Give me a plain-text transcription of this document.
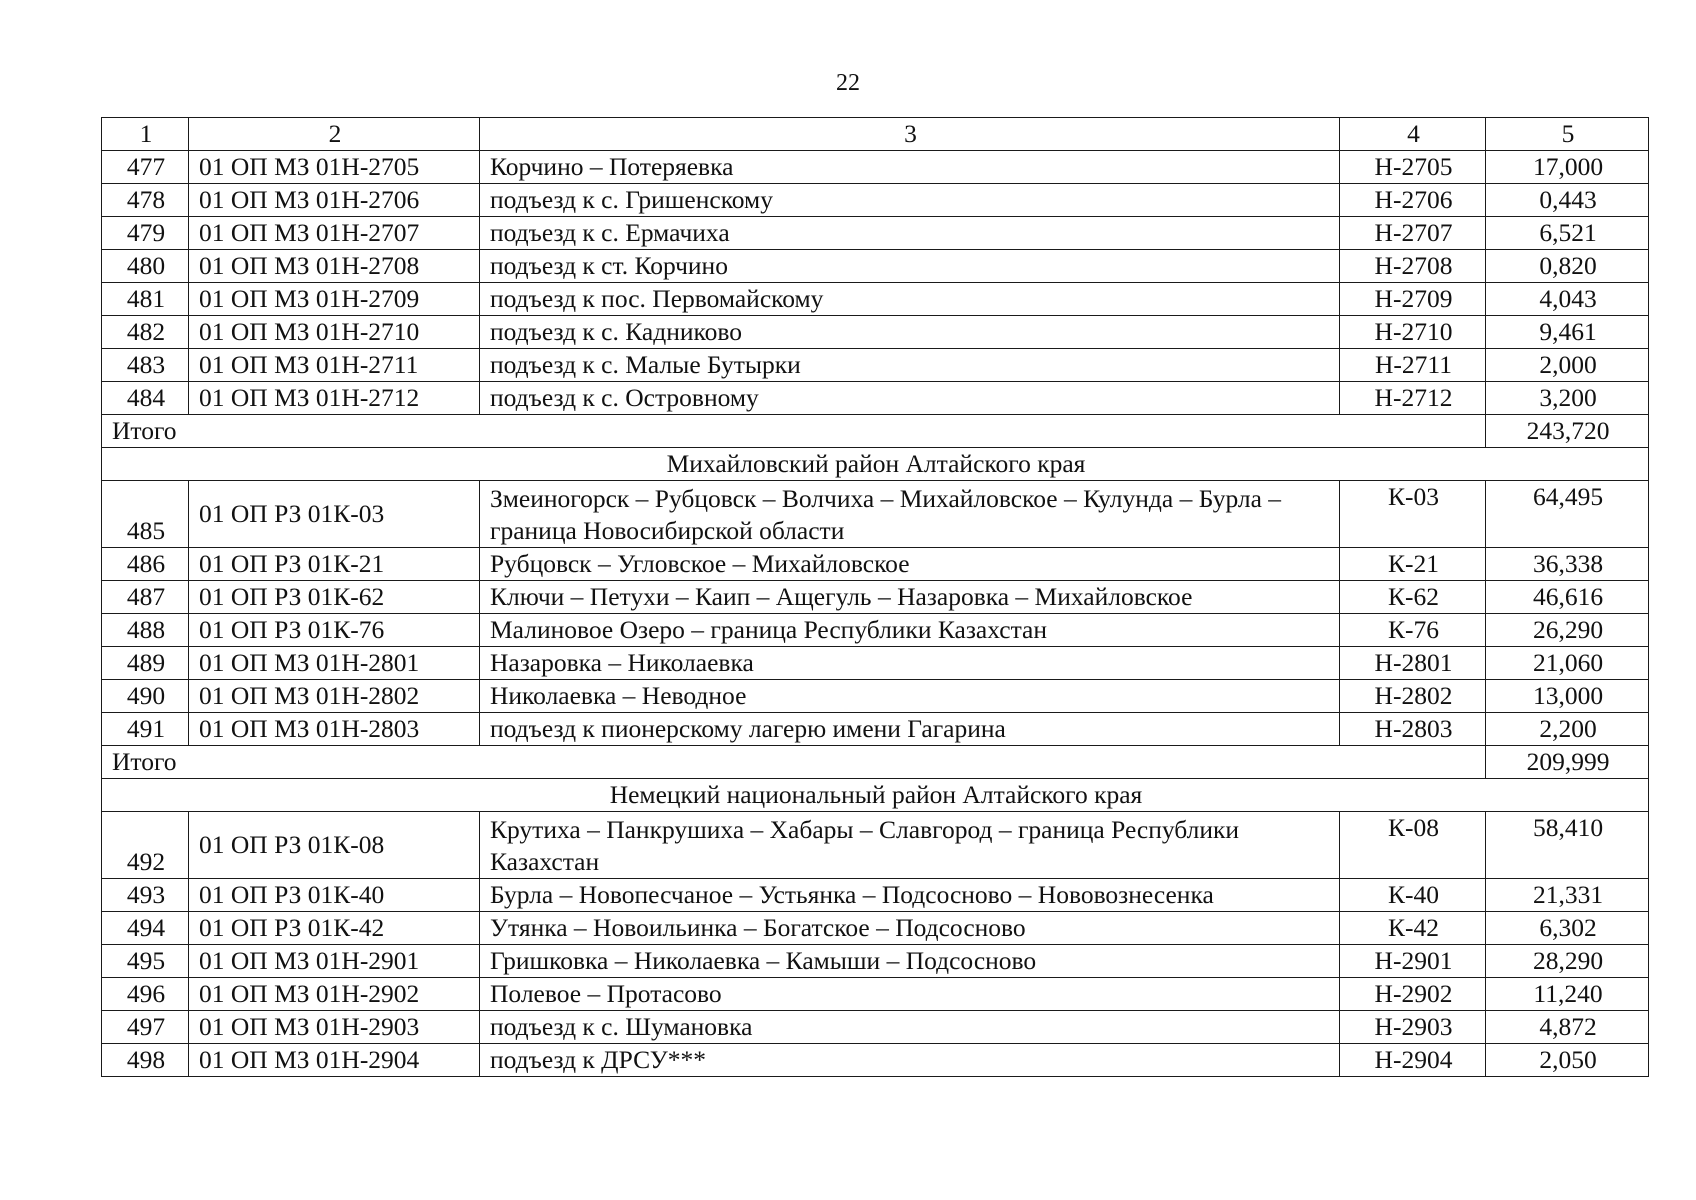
22
1	2	3	4	5
477	01 ОП МЗ 01Н-2705	Корчино – Потеряевка	Н-2705	17,000
478	01 ОП МЗ 01Н-2706	подъезд к с. Гришенскому	Н-2706	0,443
479	01 ОП МЗ 01Н-2707	подъезд к с. Ермачиха	Н-2707	6,521
480	01 ОП МЗ 01Н-2708	подъезд к ст. Корчино	Н-2708	0,820
481	01 ОП МЗ 01Н-2709	подъезд к пос. Первомайскому	Н-2709	4,043
482	01 ОП МЗ 01Н-2710	подъезд к с. Кадниково	Н-2710	9,461
483	01 ОП МЗ 01Н-2711	подъезд к с. Малые Бутырки	Н-2711	2,000
484	01 ОП МЗ 01Н-2712	подъезд к с. Островному	Н-2712	3,200
Итого				243,720
Михайловский район Алтайского края				
485	01 ОП РЗ 01К-03	Змеиногорск – Рубцовск – Волчиха – Михайловское – Кулунда – Бурла – граница Новосибирской области	К-03	64,495
486	01 ОП РЗ 01К-21	Рубцовск – Угловское – Михайловское	К-21	36,338
487	01 ОП РЗ 01К-62	Ключи – Петухи – Каип – Ащегуль – Назаровка – Михайловское	К-62	46,616
488	01 ОП РЗ 01К-76	Малиновое Озеро – граница Республики Казахстан	К-76	26,290
489	01 ОП МЗ 01Н-2801	Назаровка – Николаевка	Н-2801	21,060
490	01 ОП МЗ 01Н-2802	Николаевка – Неводное	Н-2802	13,000
491	01 ОП МЗ 01Н-2803	подъезд к пионерскому лагерю имени Гагарина	Н-2803	2,200
Итого				209,999
Немецкий национальный район Алтайского края				
492	01 ОП РЗ 01К-08	Крутиха – Панкрушиха – Хабары – Славгород – граница Республики Казахстан	К-08	58,410
493	01 ОП РЗ 01К-40	Бурла – Новопесчаное – Устьянка – Подсосново – Нововознесенка	К-40	21,331
494	01 ОП РЗ 01К-42	Утянка – Новоильинка – Богатское – Подсосново	К-42	6,302
495	01 ОП МЗ 01Н-2901	Гришковка – Николаевка – Камыши – Подсосново	Н-2901	28,290
496	01 ОП МЗ 01Н-2902	Полевое – Протасово	Н-2902	11,240
497	01 ОП МЗ 01Н-2903	подъезд к с. Шумановка	Н-2903	4,872
498	01 ОП МЗ 01Н-2904	подъезд к ДРСУ***	Н-2904	2,050
